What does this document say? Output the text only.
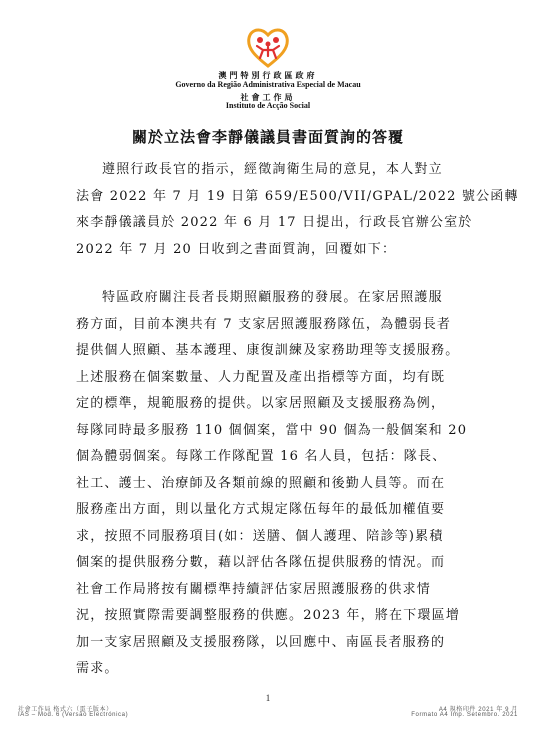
澳門特別行政區政府
Governo da Região Administrativa Especial de Macau
社會工作局
Instituto de Acção Social
關於立法會李靜儀議員書面質詢的答覆
遵照行政長官的指示，經徵詢衛生局的意見，本人對立
法會 2022 年 7 月 19 日第 659/E500/VII/GPAL/2022 號公函轉
來李靜儀議員於 2022 年 6 月 17 日提出，行政長官辦公室於
2022 年 7 月 20 日收到之書面質詢，回覆如下：
特區政府關注長者長期照顧服務的發展。在家居照護服
務方面，目前本澳共有 7 支家居照護服務隊伍，為體弱長者
提供個人照顧、基本護理、康復訓練及家務助理等支援服務。
上述服務在個案數量、人力配置及產出指標等方面，均有既
定的標準，規範服務的提供。以家居照顧及支援服務為例，
每隊同時最多服務 110 個個案，當中 90 個為一般個案和 20
個為體弱個案。每隊工作隊配置 16 名人員，包括：隊長、
社工、護士、治療師及各類前線的照顧和後勤人員等。而在
服務產出方面，則以量化方式規定隊伍每年的最低加權值要
求，按照不同服務項目(如：送膳、個人護理、陪診等)累積
個案的提供服務分數，藉以評估各隊伍提供服務的情況。而
社會工作局將按有關標準持續評估家居照護服務的供求情
況，按照實際需要調整服務的供應。2023 年，將在下環區增
加一支家居照顧及支援服務隊，以回應中、南區長者服務的
需求。
1
社會工作局 格式六（電子版本）
IAS – Mod. 6 (Versão Electrónica)
A4 規格印件 2021 年 9 月
Formato A4 Imp. Setembro. 2021
